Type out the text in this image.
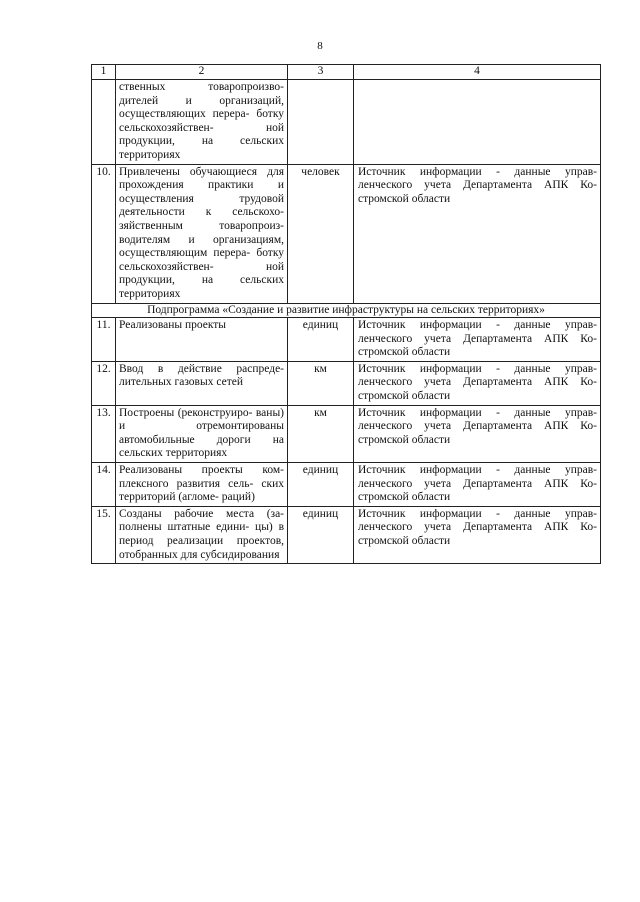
8
1	2	3	4
	ственных товаропроизво- дителей и организаций, осуществляющих перера- ботку сельскохозяйствен- ной продукции, на сельских территориях		
10.	Привлечены обучающиеся для прохождения практики и осуществления трудовой деятельности к сельскохо- зяйственным товаропроиз- водителям и организациям, осуществляющим перера- ботку сельскохозяйствен- ной продукции, на сельских территориях	человек	Источник информации - данные управ- ленческого учета Департамента АПК Ко- стромской области
Подпрограмма «Создание и развитие инфраструктуры на сельских территориях»			
11.	Реализованы проекты	единиц	Источник информации - данные управ- ленческого учета Департамента АПК Ко- стромской области
12.	Ввод в действие распреде- лительных газовых сетей	км	Источник информации - данные управ- ленческого учета Департамента АПК Ко- стромской области
13.	Построены (реконструиро- ваны) и отремонтированы автомобильные дороги на сельских территориях	км	Источник информации - данные управ- ленческого учета Департамента АПК Ко- стромской области
14.	Реализованы проекты ком- плексного развития сель- ских территорий (агломе- раций)	единиц	Источник информации - данные управ- ленческого учета Департамента АПК Ко- стромской области
15.	Созданы рабочие места (за- полнены штатные едини- цы) в период реализации проектов, отобранных для субсидирования	единиц	Источник информации - данные управ- ленческого учета Департамента АПК Ко- стромской области
